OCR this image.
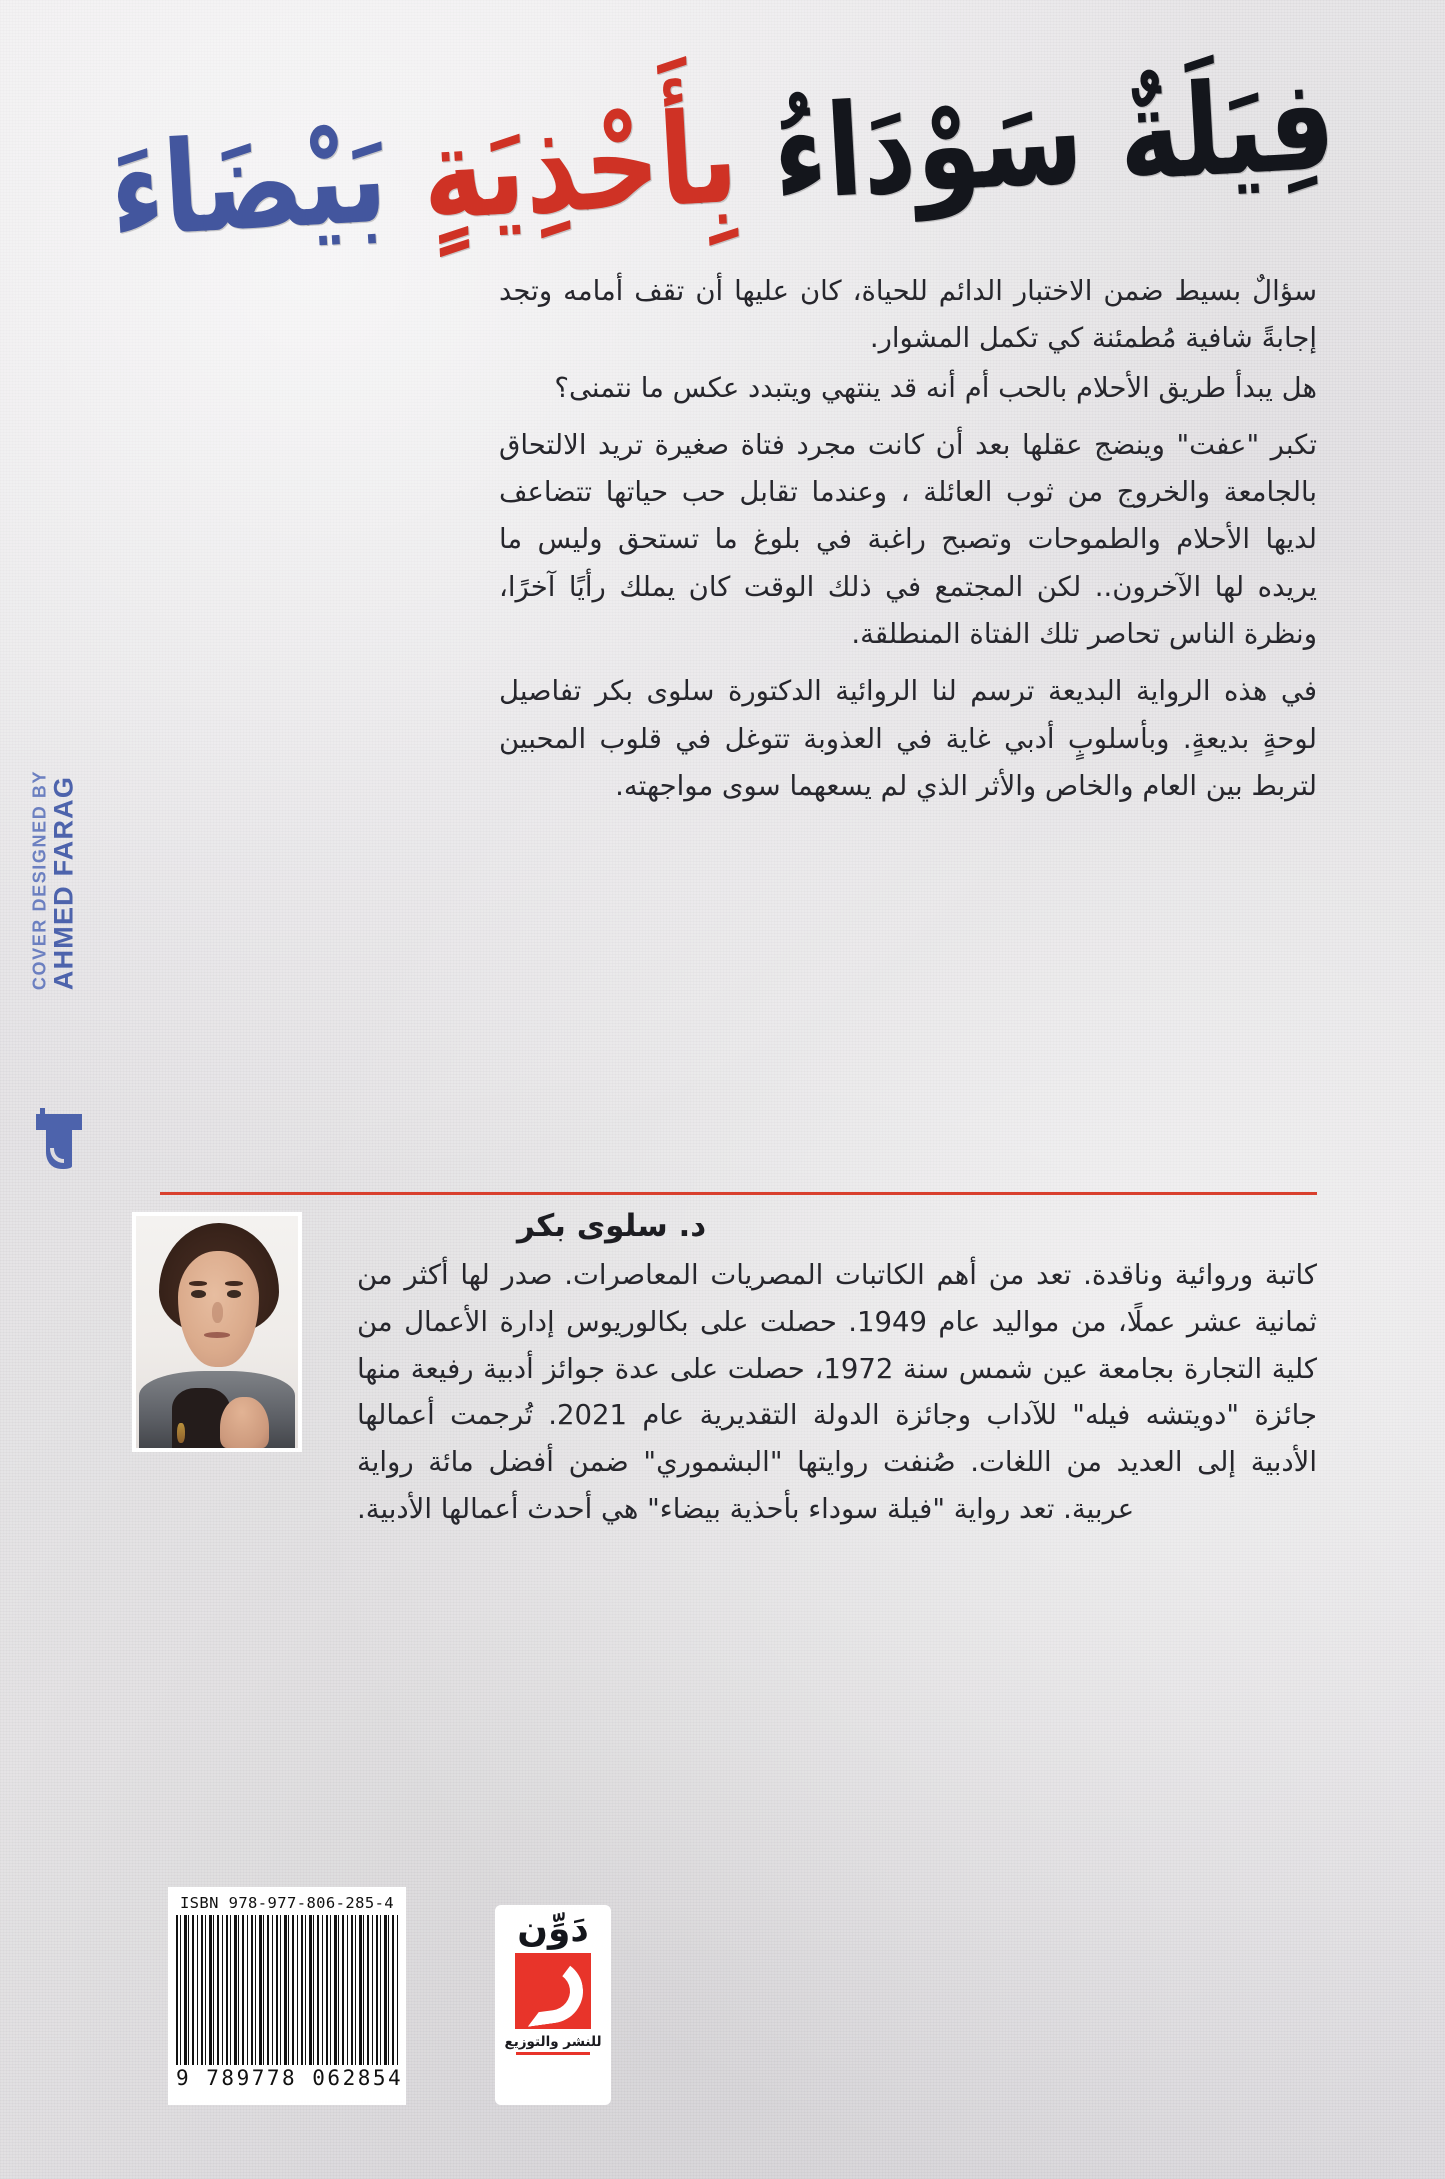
فِيَلَةٌ سَوْدَاءُ بِأَحْذِيَةٍ بَيْضَاءَ

سؤالٌ بسيط ضمن الاختبار الدائم للحياة، كان عليها أن تقف أمامه وتجد إجابةً شافية مُطمئنة كي تكمل المشوار.

هل يبدأ طريق الأحلام بالحب أم أنه قد ينتهي ويتبدد عكس ما نتمنى؟

تكبر "عفت" وينضج عقلها بعد أن كانت مجرد فتاة صغيرة تريد الالتحاق بالجامعة والخروج من ثوب العائلة ، وعندما تقابل حب حياتها تتضاعف لديها الأحلام والطموحات وتصبح راغبة في بلوغ ما تستحق وليس ما يريده لها الآخرون.. لكن المجتمع في ذلك الوقت كان يملك رأيًا آخرًا، ونظرة الناس تحاصر تلك الفتاة المنطلقة.

في هذه الرواية البديعة ترسم لنا الروائية الدكتورة سلوى بكر تفاصيل لوحةٍ بديعةٍ. وبأسلوبٍ أدبي غاية في العذوبة تتوغل في قلوب المحبين لتربط بين العام والخاص والأثر الذي لم يسعهما سوى مواجهته.

د. سلوى بكر

كاتبة وروائية وناقدة. تعد من أهم الكاتبات المصريات المعاصرات. صدر لها أكثر من ثمانية عشر عملًا، من مواليد عام 1949. حصلت على بكالوريوس إدارة الأعمال من كلية التجارة بجامعة عين شمس سنة 1972، حصلت على عدة جوائز أدبية رفيعة منها جائزة "دويتشه فيله" للآداب وجائزة الدولة التقديرية عام 2021. تُرجمت أعمالها الأدبية إلى العديد من اللغات. صُنفت روايتها "البشموري" ضمن أفضل مائة رواية عربية. تعد رواية "فيلة سوداء بأحذية بيضاء" هي أحدث أعمالها الأدبية.

COVER DESIGNED BY AHMED FARAG
ISBN 978-977-806-285-4
9 789778 062854
دَوِّن
للنشر والتوزيع
